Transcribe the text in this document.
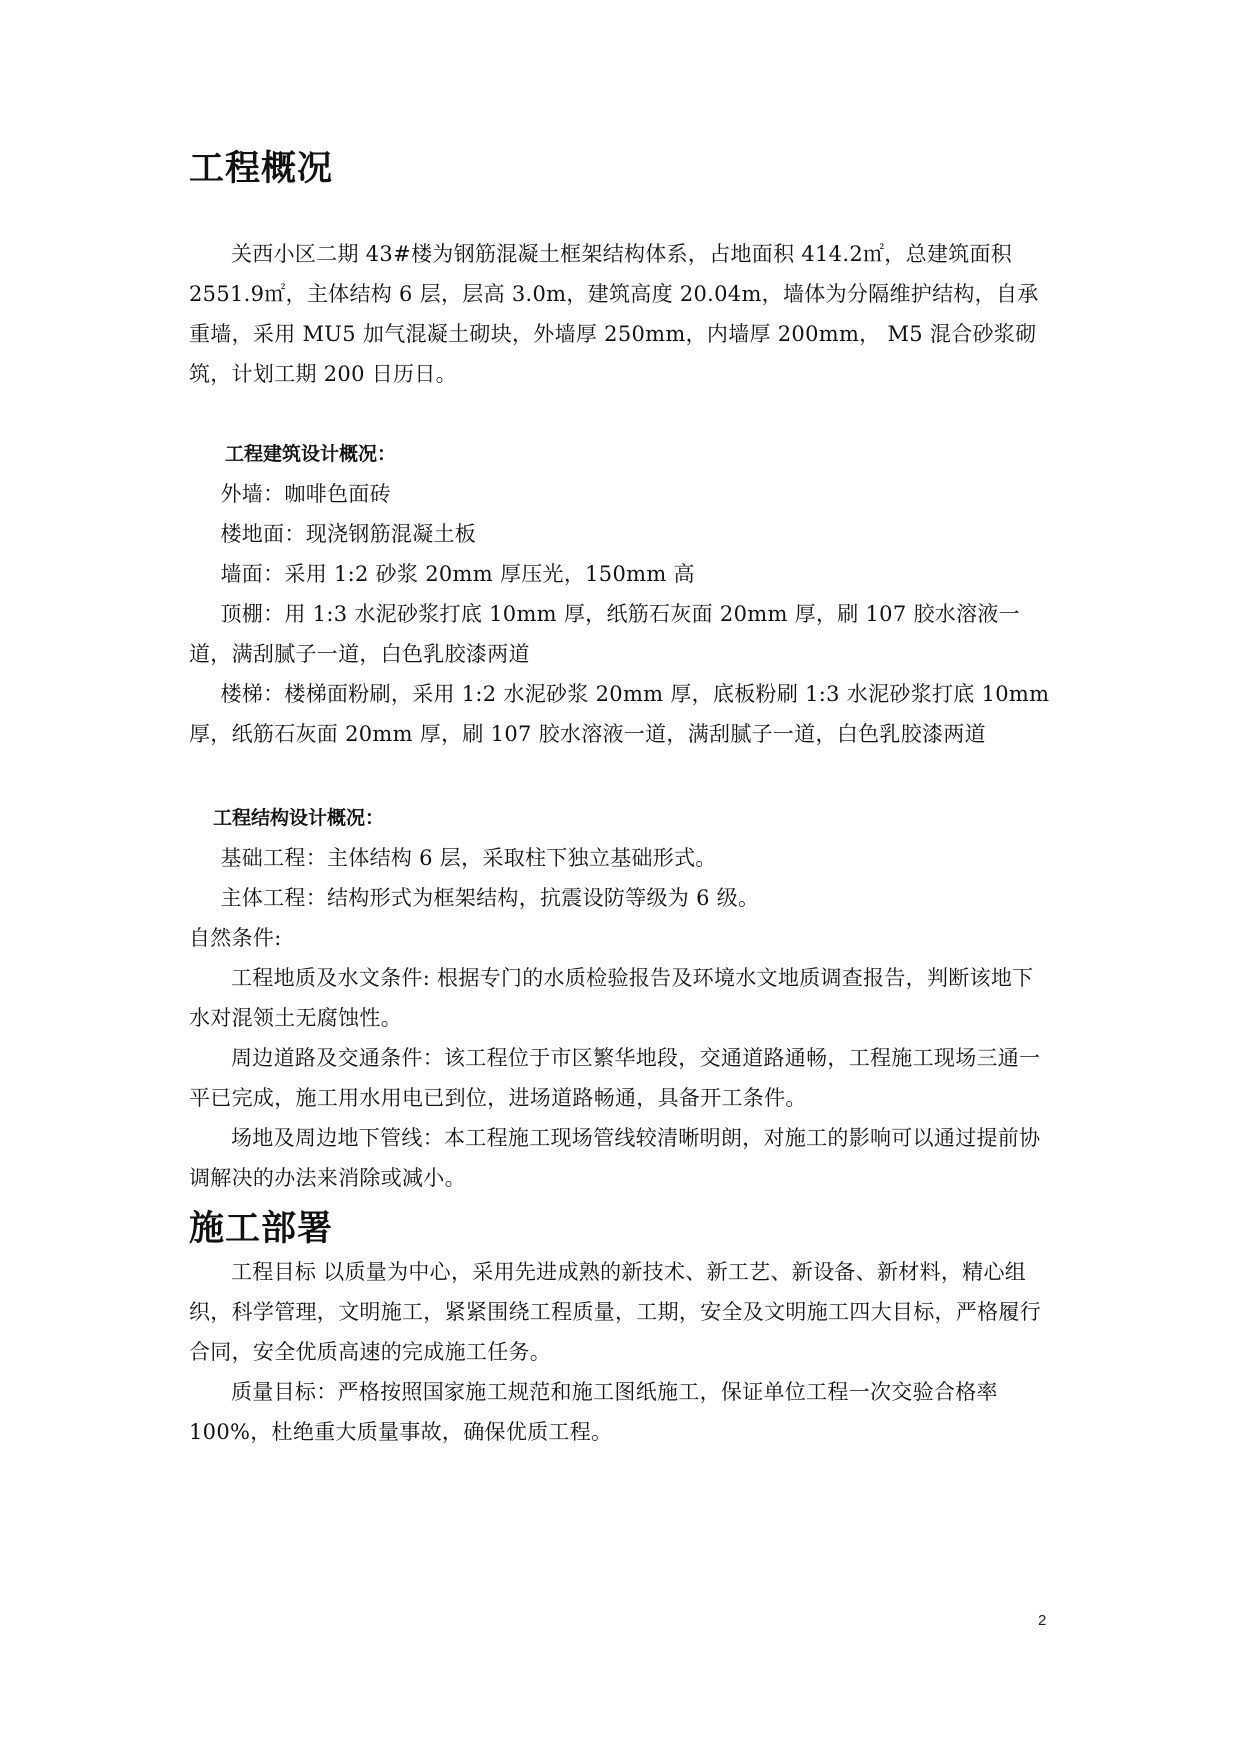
工程概况

关西小区二期 43#楼为钢筋混凝土框架结构体系，占地面积 414.2㎡，总建筑面积 2551.9㎡，主体结构 6 层，层高 3.0m，建筑高度 20.04m，墙体为分隔维护结构，自承重墙，采用 MU5 加气混凝土砌块，外墙厚 250mm，内墙厚 200mm， M5 混合砂浆砌筑，计划工期 200 日历日。

工程建筑设计概况：

外墙：咖啡色面砖

楼地面：现浇钢筋混凝土板

墙面：采用 1:2 砂浆 20mm 厚压光，150mm 高

顶棚：用 1:3 水泥砂浆打底 10mm 厚，纸筋石灰面 20mm 厚，刷 107 胶水溶液一道，满刮腻子一道，白色乳胶漆两道

楼梯：楼梯面粉刷，采用 1:2 水泥砂浆 20mm 厚，底板粉刷 1:3 水泥砂浆打底 10mm 厚，纸筋石灰面 20mm 厚，刷 107 胶水溶液一道，满刮腻子一道，白色乳胶漆两道

工程结构设计概况：

基础工程：主体结构 6 层，采取柱下独立基础形式。

主体工程：结构形式为框架结构，抗震设防等级为 6 级。

自然条件:

工程地质及水文条件: 根据专门的水质检验报告及环境水文地质调查报告，判断该地下水对混领土无腐蚀性。

周边道路及交通条件：该工程位于市区繁华地段，交通道路通畅，工程施工现场三通一平已完成，施工用水用电已到位，进场道路畅通，具备开工条件。

场地及周边地下管线：本工程施工现场管线较清晰明朗，对施工的影响可以通过提前协调解决的办法来消除或减小。

施工部署

工程目标 以质量为中心，采用先进成熟的新技术、新工艺、新设备、新材料，精心组织，科学管理，文明施工，紧紧围绕工程质量，工期，安全及文明施工四大目标，严格履行合同，安全优质高速的完成施工任务。

质量目标：严格按照国家施工规范和施工图纸施工，保证单位工程一次交验合格率 100%，杜绝重大质量事故，确保优质工程。

2
